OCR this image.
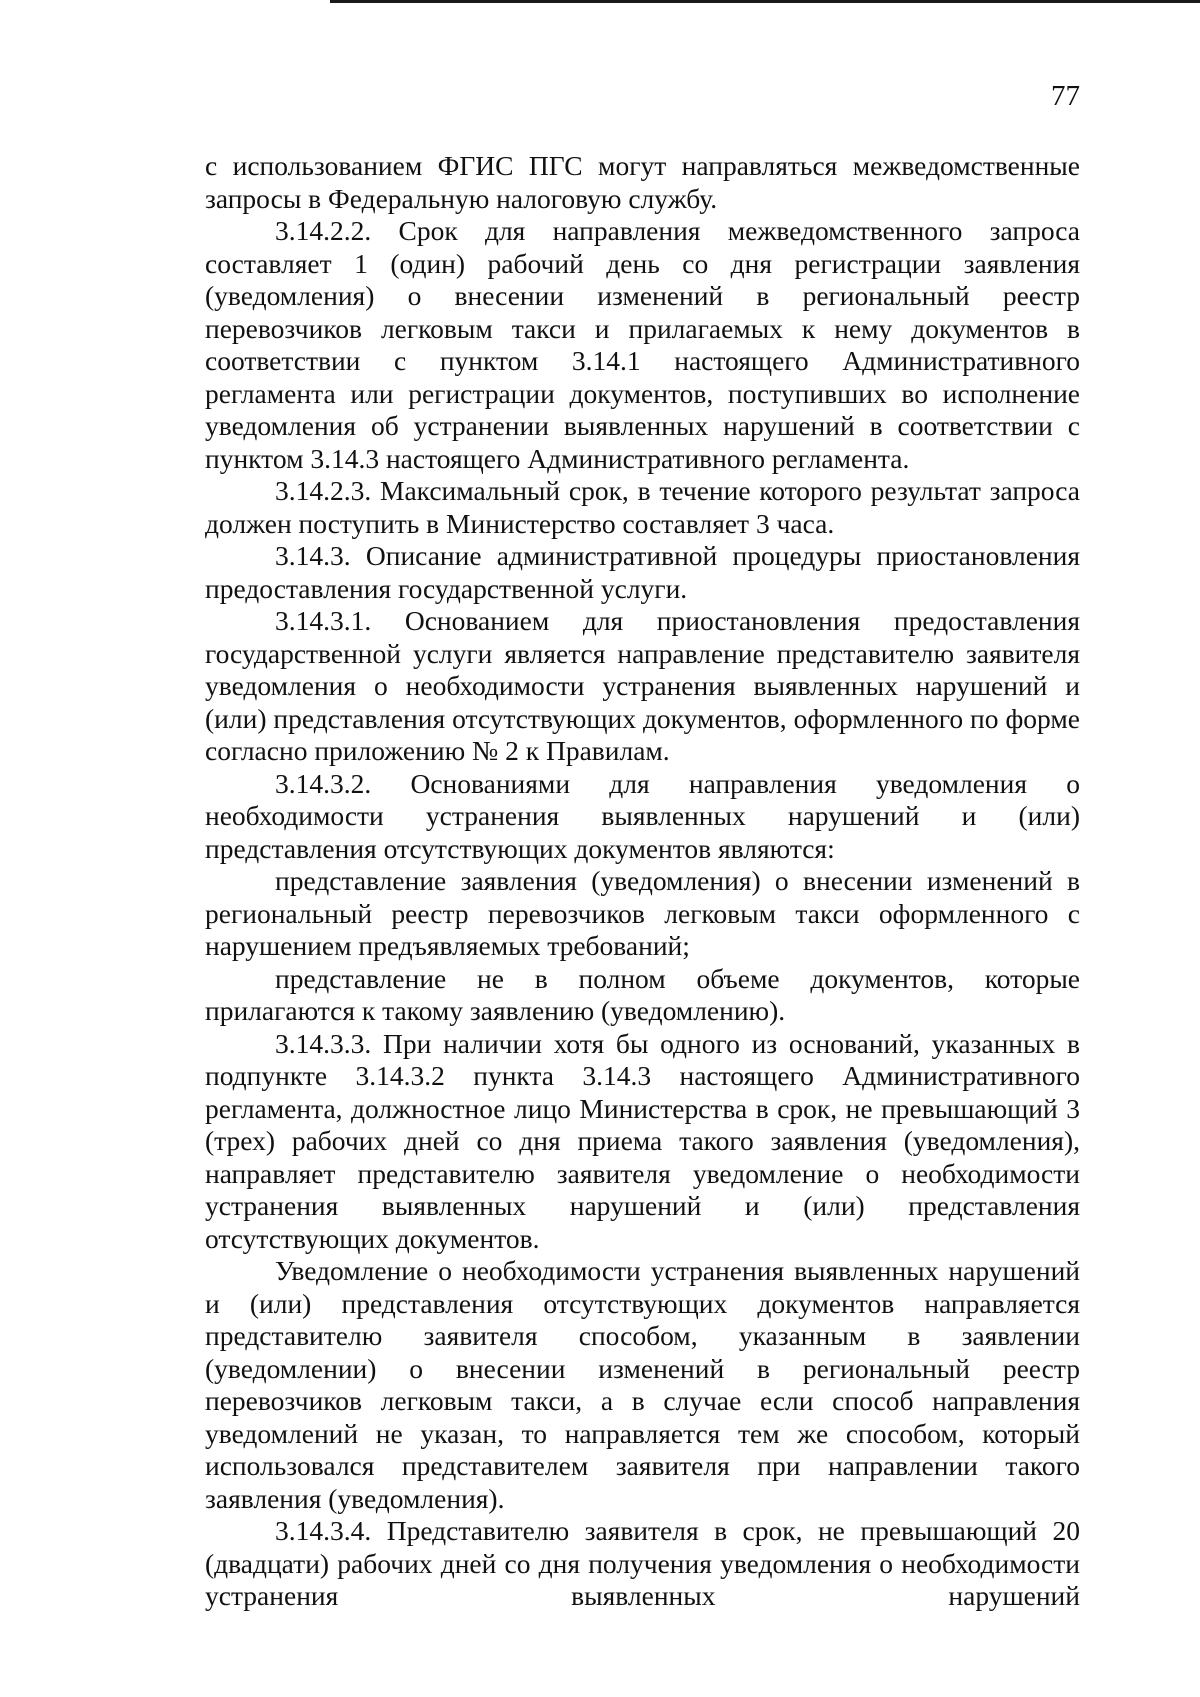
77

с использованием ФГИС ПГС могут направляться межведомственные запросы в Федеральную налоговую службу.

3.14.2.2. Срок для направления межведомственного запроса составляет 1 (один) рабочий день со дня регистрации заявления (уведомления) о внесении изменений в региональный реестр перевозчиков легковым такси и прилагаемых к нему документов в соответствии с пунктом 3.14.1 настоящего Административного регламента или регистрации документов, поступивших во исполнение уведомления об устранении выявленных нарушений в соответствии с пунктом 3.14.3 настоящего Административного регламента.

3.14.2.3. Максимальный срок, в течение которого результат запроса должен поступить в Министерство составляет 3 часа.

3.14.3. Описание административной процедуры приостановления предоставления государственной услуги.

3.14.3.1. Основанием для приостановления предоставления государственной услуги является направление представителю заявителя уведомления о необходимости устранения выявленных нарушений и (или) представления отсутствующих документов, оформленного по форме согласно приложению № 2 к Правилам.

3.14.3.2. Основаниями для направления уведомления о необходимости устранения выявленных нарушений и (или) представления отсутствующих документов являются:

представление заявления (уведомления) о внесении изменений в региональный реестр перевозчиков легковым такси оформленного с нарушением предъявляемых требований;

представление не в полном объеме документов, которые прилагаются к такому заявлению (уведомлению).

3.14.3.3. При наличии хотя бы одного из оснований, указанных в подпункте 3.14.3.2 пункта 3.14.3 настоящего Административного регламента, должностное лицо Министерства в срок, не превышающий 3 (трех) рабочих дней со дня приема такого заявления (уведомления), направляет представителю заявителя уведомление о необходимости устранения выявленных нарушений и (или) представления отсутствующих документов.

Уведомление о необходимости устранения выявленных нарушений и (или) представления отсутствующих документов направляется представителю заявителя способом, указанным в заявлении (уведомлении) о внесении изменений в региональный реестр перевозчиков легковым такси, а в случае если способ направления уведомлений не указан, то направляется тем же способом, который использовался представителем заявителя при направлении такого заявления (уведомления).

3.14.3.4. Представителю заявителя в срок, не превышающий 20 (двадцати) рабочих дней со дня получения уведомления о необходимости устранения выявленных нарушений
